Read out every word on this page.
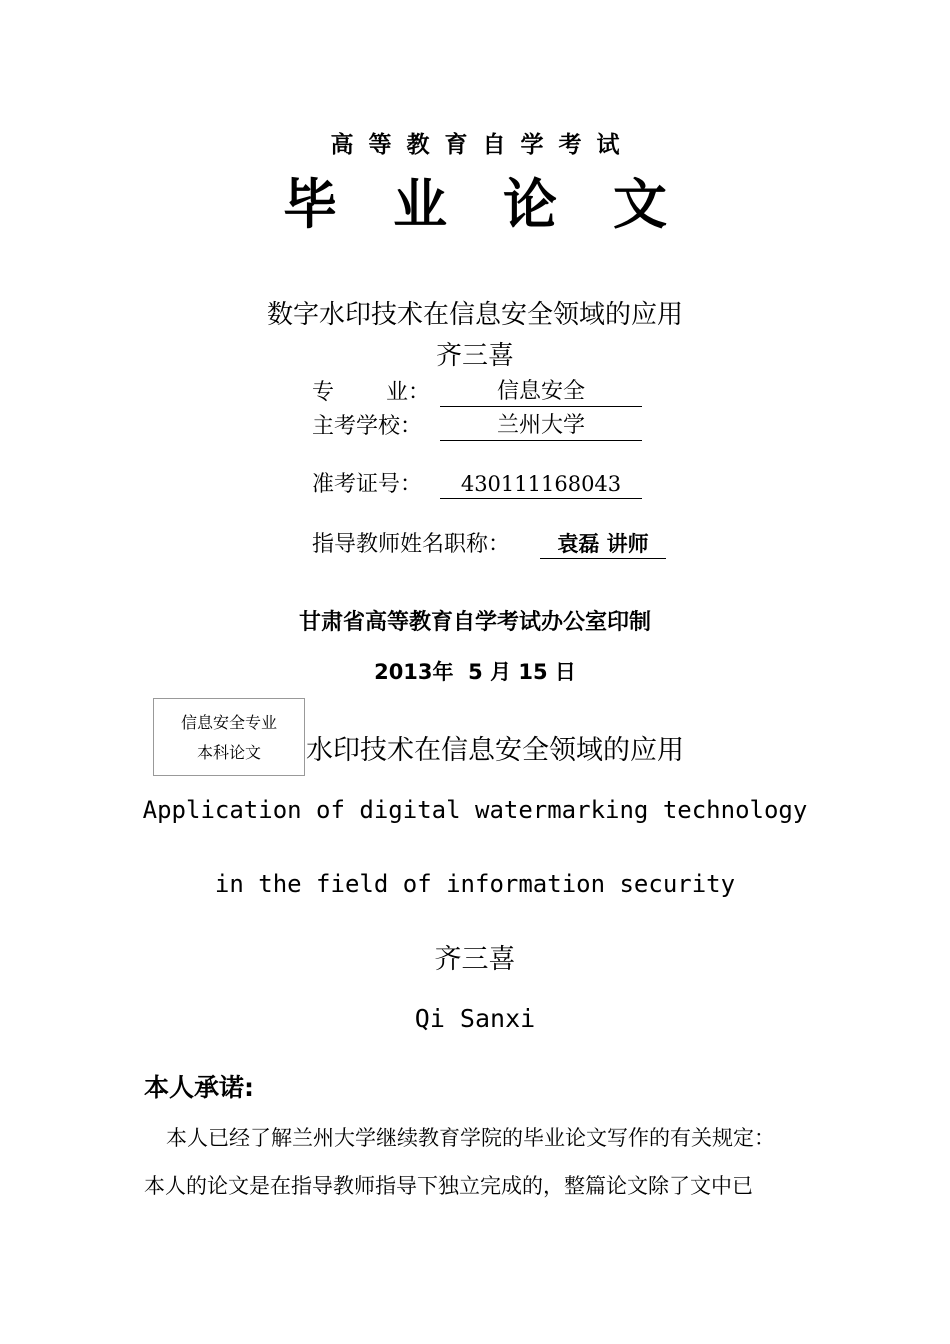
高等教育自学考试
毕业论文
数字水印技术在信息安全领域的应用
齐三喜
专 业：	信息安全
主考学校：	兰州大学
准考证号：	430111168043
指导教师姓名职称：	袁磊 讲师
甘肃省高等教育自学考试办公室印制
2013年  5 月 15 日
信息安全专业
本科论文	水印技术在信息安全领域的应用
Application of digital watermarking technology
in the field of information security
齐三喜
Qi Sanxi
本人承诺:
本人已经了解兰州大学继续教育学院的毕业论文写作的有关规定：
本人的论文是在指导教师指导下独立完成的，整篇论文除了文中已
